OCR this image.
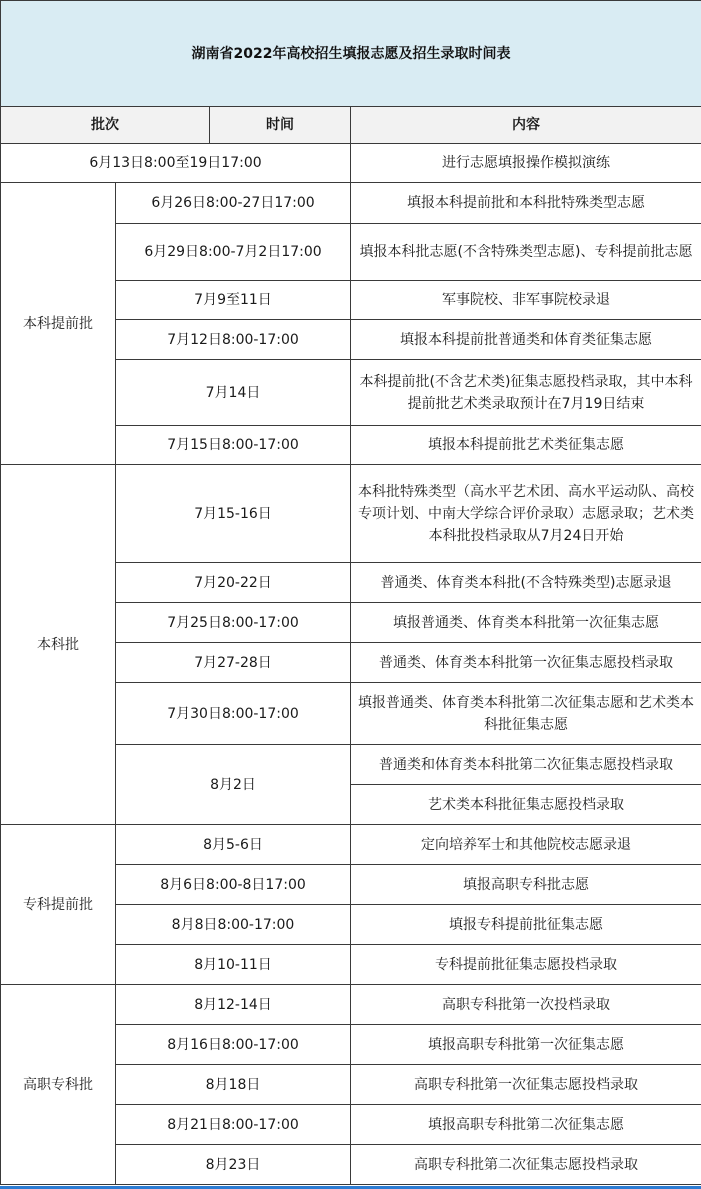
湖南省2022年高校招生填报志愿及招生录取时间表			
批次		时间	内容
6月13日8:00至19日17:00			进行志愿填报操作模拟演练
本科提前批	6月26日8:00-27日17:00		填报本科提前批和本科批特殊类型志愿
	6月29日8:00-7月2日17:00		填报本科批志愿(不含特殊类型志愿)、专科提前批志愿
	7月9至11日		军事院校、非军事院校录退
	7月12日8:00-17:00		填报本科提前批普通类和体育类征集志愿
	7月14日		本科提前批(不含艺术类)征集志愿投档录取，其中本科提前批艺术类录取预计在7月19日结束
	7月15日8:00-17:00		填报本科提前批艺术类征集志愿
本科批	7月15-16日		本科批特殊类型（高水平艺术团、高水平运动队、高校专项计划、中南大学综合评价录取）志愿录取；艺术类本科批投档录取从7月24日开始
	7月20-22日		普通类、体育类本科批(不含特殊类型)志愿录退
	7月25日8:00-17:00		填报普通类、体育类本科批第一次征集志愿
	7月27-28日		普通类、体育类本科批第一次征集志愿投档录取
	7月30日8:00-17:00		填报普通类、体育类本科批第二次征集志愿和艺术类本科批征集志愿
	8月2日		普通类和体育类本科批第二次征集志愿投档录取
			艺术类本科批征集志愿投档录取
专科提前批	8月5-6日		定向培养军士和其他院校志愿录退
	8月6日8:00-8日17:00		填报高职专科批志愿
	8月8日8:00-17:00		填报专科提前批征集志愿
	8月10-11日		专科提前批征集志愿投档录取
高职专科批	8月12-14日		高职专科批第一次投档录取
	8月16日8:00-17:00		填报高职专科批第一次征集志愿
	8月18日		高职专科批第一次征集志愿投档录取
	8月21日8:00-17:00		填报高职专科批第二次征集志愿
	8月23日		高职专科批第二次征集志愿投档录取
